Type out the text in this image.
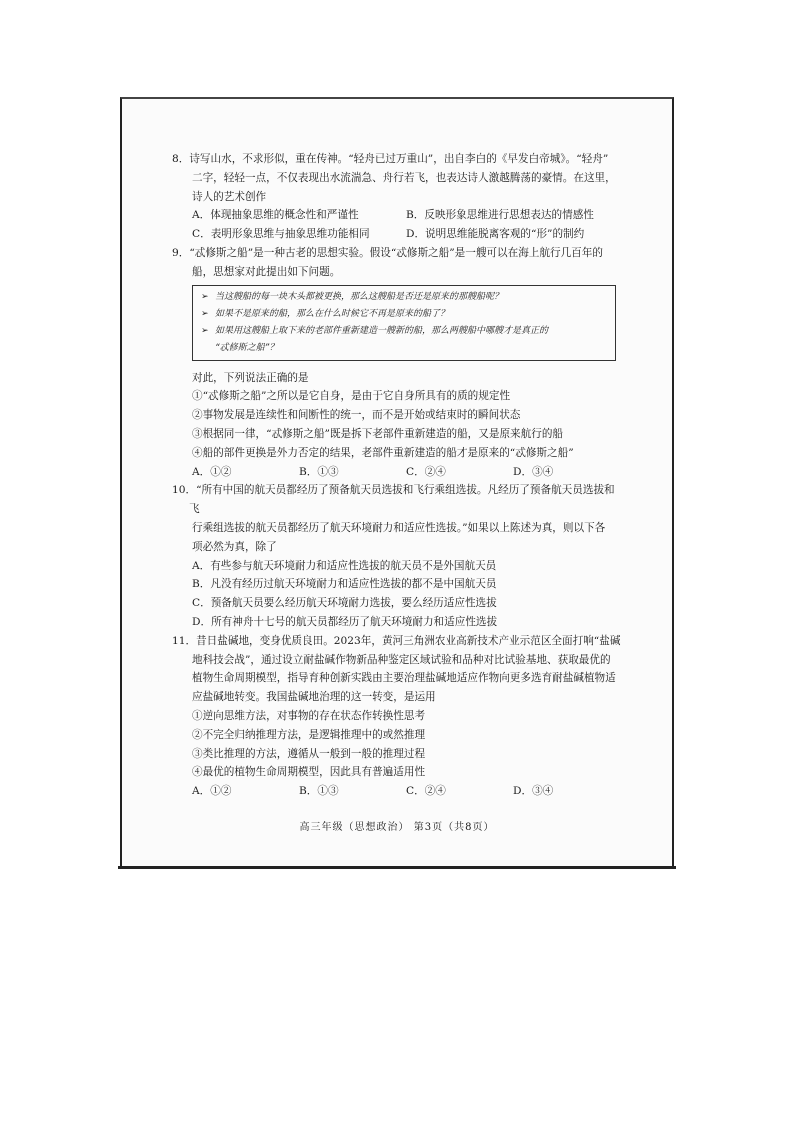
8．诗写山水，不求形似，重在传神。“轻舟已过万重山”，出自李白的《早发白帝城》。“轻舟”

二字，轻轻一点，不仅表现出水流湍急、舟行若飞，也表达诗人激越腾荡的豪情。在这里，

诗人的艺术创作

A．体现抽象思维的概念性和严谨性	B．反映形象思维进行思想表达的情感性
C．表明形象思维与抽象思维功能相同	D．说明思维能脱离客观的“形”的制约

9．“忒修斯之船”是一种古老的思想实验。假设“忒修斯之船”是一艘可以在海上航行几百年的

船，思想家对此提出如下问题。

➢ 当这艘船的每一块木头都被更换，那么这艘船是否还是原来的那艘船呢？
➢ 如果不是原来的船，那么在什么时候它不再是原来的船了？
➢ 如果用这艘船上取下来的老部件重新建造一艘新的船，那么两艘船中哪艘才是真正的

“忒修斯之船”？

对此，下列说法正确的是

①“忒修斯之船”之所以是它自身，是由于它自身所具有的质的规定性

②事物发展是连续性和间断性的统一，而不是开始或结束时的瞬间状态

③根据同一律，“忒修斯之船”既是拆下老部件重新建造的船，又是原来航行的船

④船的部件更换是外力否定的结果，老部件重新建造的船才是原来的“忒修斯之船”

A．①②	B．①③	C．②④	D．③④

10．“所有中国的航天员都经历了预备航天员选拔和飞行乘组选拔。凡经历了预备航天员选拔和飞

行乘组选拔的航天员都经历了航天环境耐力和适应性选拔。”如果以上陈述为真，则以下各

项必然为真，除了

A．有些参与航天环境耐力和适应性选拔的航天员不是外国航天员

B．凡没有经历过航天环境耐力和适应性选拔的都不是中国航天员

C．预备航天员要么经历航天环境耐力选拔，要么经历适应性选拔

D．所有神舟十七号的航天员都经历了航天环境耐力和适应性选拔

11．昔日盐碱地，变身优质良田。2023年，黄河三角洲农业高新技术产业示范区全面打响“盐碱

地科技会战”，通过设立耐盐碱作物新品种鉴定区域试验和品种对比试验基地、获取最优的

植物生命周期模型，指导育种创新实践由主要治理盐碱地适应作物向更多选育耐盐碱植物适

应盐碱地转变。我国盐碱地治理的这一转变，是运用

①逆向思维方法，对事物的存在状态作转换性思考

②不完全归纳推理方法，是逻辑推理中的或然推理

③类比推理的方法，遵循从一般到一般的推理过程

④最优的植物生命周期模型，因此具有普遍适用性

A．①②	B．①③	C．②④	D．③④
高三年级（思想政治） 第3页（共8页）
